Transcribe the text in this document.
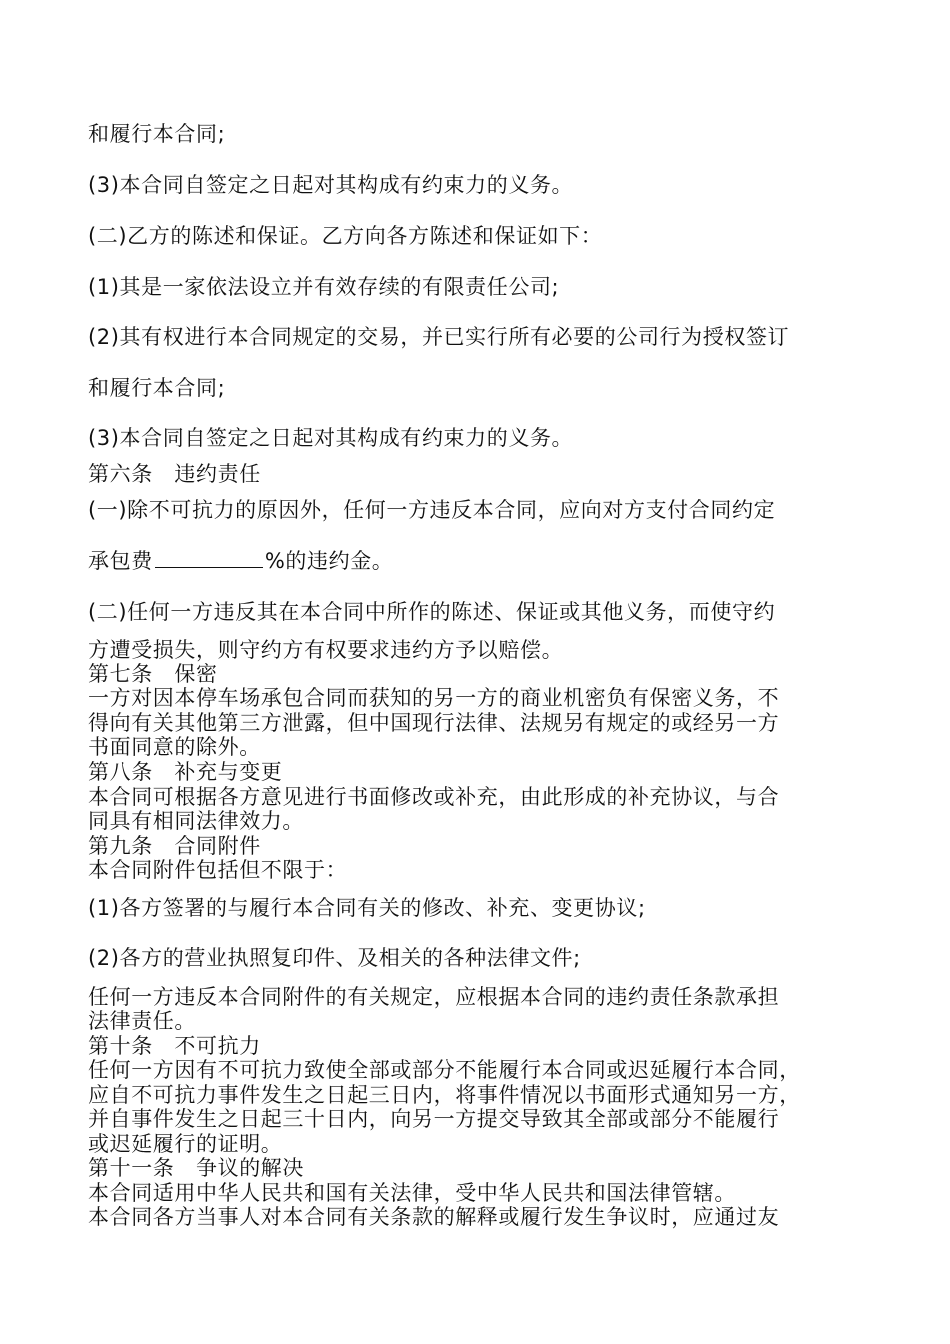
和履行本合同;
(3)本合同自签定之日起对其构成有约束力的义务。
(二)乙方的陈述和保证。乙方向各方陈述和保证如下：
(1)其是一家依法设立并有效存续的有限责任公司;
(2)其有权进行本合同规定的交易，并已实行所有必要的公司行为授权签订
和履行本合同;
(3)本合同自签定之日起对其构成有约束力的义务。
第六条　违约责任
(一)除不可抗力的原因外，任何一方违反本合同，应向对方支付合同约定
承包费	%的违约金。
(二)任何一方违反其在本合同中所作的陈述、保证或其他义务，而使守约
方遭受损失，则守约方有权要求违约方予以赔偿。
第七条　保密
一方对因本停车场承包合同而获知的另一方的商业机密负有保密义务，不
得向有关其他第三方泄露，但中国现行法律、法规另有规定的或经另一方
书面同意的除外。
第八条　补充与变更
本合同可根据各方意见进行书面修改或补充，由此形成的补充协议，与合
同具有相同法律效力。
第九条　合同附件
本合同附件包括但不限于：
(1)各方签署的与履行本合同有关的修改、补充、变更协议;
(2)各方的营业执照复印件、及相关的各种法律文件;
任何一方违反本合同附件的有关规定，应根据本合同的违约责任条款承担
法律责任。
第十条　不可抗力
任何一方因有不可抗力致使全部或部分不能履行本合同或迟延履行本合同，
应自不可抗力事件发生之日起三日内，将事件情况以书面形式通知另一方，
并自事件发生之日起三十日内，向另一方提交导致其全部或部分不能履行
或迟延履行的证明。
第十一条　争议的解决
本合同适用中华人民共和国有关法律，受中华人民共和国法律管辖。
本合同各方当事人对本合同有关条款的解释或履行发生争议时，应通过友
